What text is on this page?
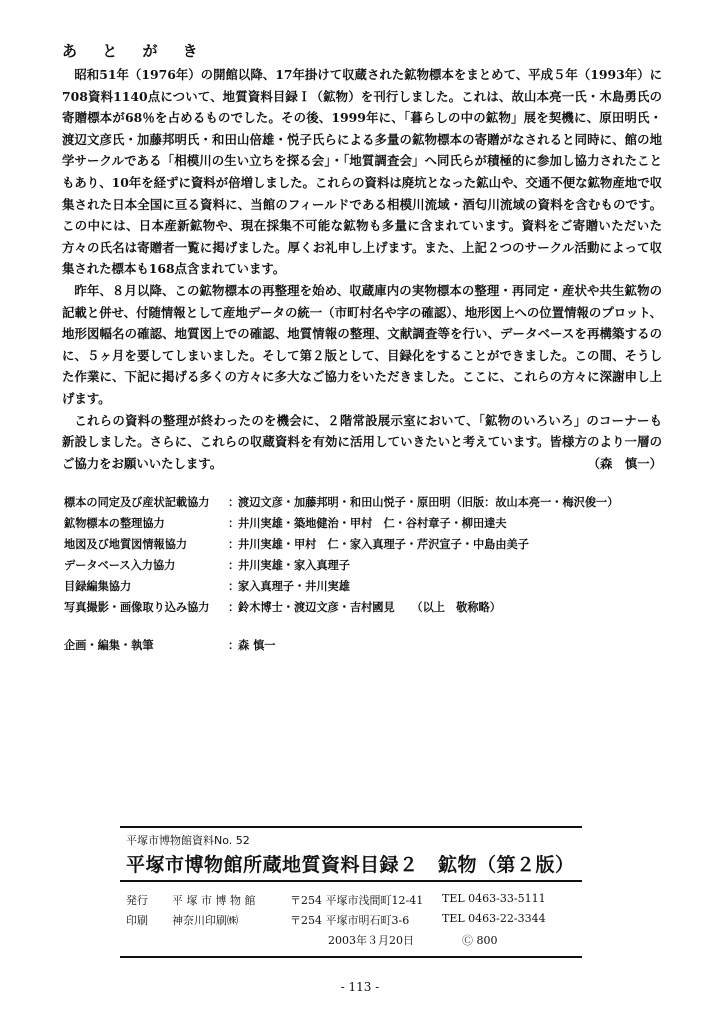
あ と が き

昭和51年（1976年）の開館以降、17年掛けて収蔵された鉱物標本をまとめて、平成５年（1993年）に708資料1140点について、地質資料目録Ｉ（鉱物）を刊行しました。これは、故山本亮一氏・木島勇氏の寄贈標本が68％を占めるものでした。その後、1999年に、「暮らしの中の鉱物」展を契機に、原田明氏・渡辺文彦氏・加藤邦明氏・和田山倍雄・悦子氏らによる多量の鉱物標本の寄贈がなされると同時に、館の地学サークルである「相模川の生い立ちを探る会」・「地質調査会」へ同氏らが積極的に参加し協力されたこともあり、10年を経ずに資料が倍増しました。これらの資料は廃坑となった鉱山や、交通不便な鉱物産地で収集された日本全国に亘る資料に、当館のフィールドである相模川流域・酒匂川流域の資料を含むものです。この中には、日本産新鉱物や、現在採集不可能な鉱物も多量に含まれています。資料をご寄贈いただいた方々の氏名は寄贈者一覧に掲げました。厚くお礼申し上げます。また、上記２つのサークル活動によって収集された標本も168点含まれています。

昨年、８月以降、この鉱物標本の再整理を始め、収蔵庫内の実物標本の整理・再同定・産状や共生鉱物の記載と併せ、付随情報として産地データの統一（市町村名や字の確認）、地形図上への位置情報のプロット、地形図幅名の確認、地質図上での確認、地質情報の整理、文献調査等を行い、データベースを再構築するのに、５ヶ月を要してしまいました。そして第２版として、目録化をすることができました。この間、そうした作業に、下記に掲げる多くの方々に多大なご協力をいただきました。ここに、これらの方々に深謝申し上げます。

これらの資料の整理が終わったのを機会に、２階常設展示室において、「鉱物のいろいろ」のコーナーも新設しました。さらに、これらの収蔵資料を有効に活用していきたいと考えています。皆様方のより一層のご協力をお願いいたします。	（森　慎一）

標本の同定及び産状記載協力	：
渡辺文彦・加藤邦明・和田山悦子・原田明（旧版：故山本亮一・梅沢俊一）
鉱物標本の整理協力	：
井川実雄・築地健治・甲村　仁・谷村章子・柳田達夫
地図及び地質図情報協力	：
井川実雄・甲村　仁・家入真理子・芹沢宣子・中島由美子
データベース入力協力	：
井川実雄・家入真理子
目録編集協力	：
家入真理子・井川実雄
写真撮影・画像取り込み協力	：
鈴木博士・渡辺文彦・吉村國見　　（以上　敬称略）
企画・編集・執筆	：
森 慎一
平塚市博物館資料No. 52
平塚市博物館所蔵地質資料目録２　鉱物（第２版）
発行 平 塚 市 博 物 館	〒254 平塚市浅間町12-41 TEL 0463-33-5111
印刷 神奈川印刷㈱	〒254 平塚市明石町3-6	TEL 0463-22-3344
2003年３月20日	Ⓒ 800
- 113 -
